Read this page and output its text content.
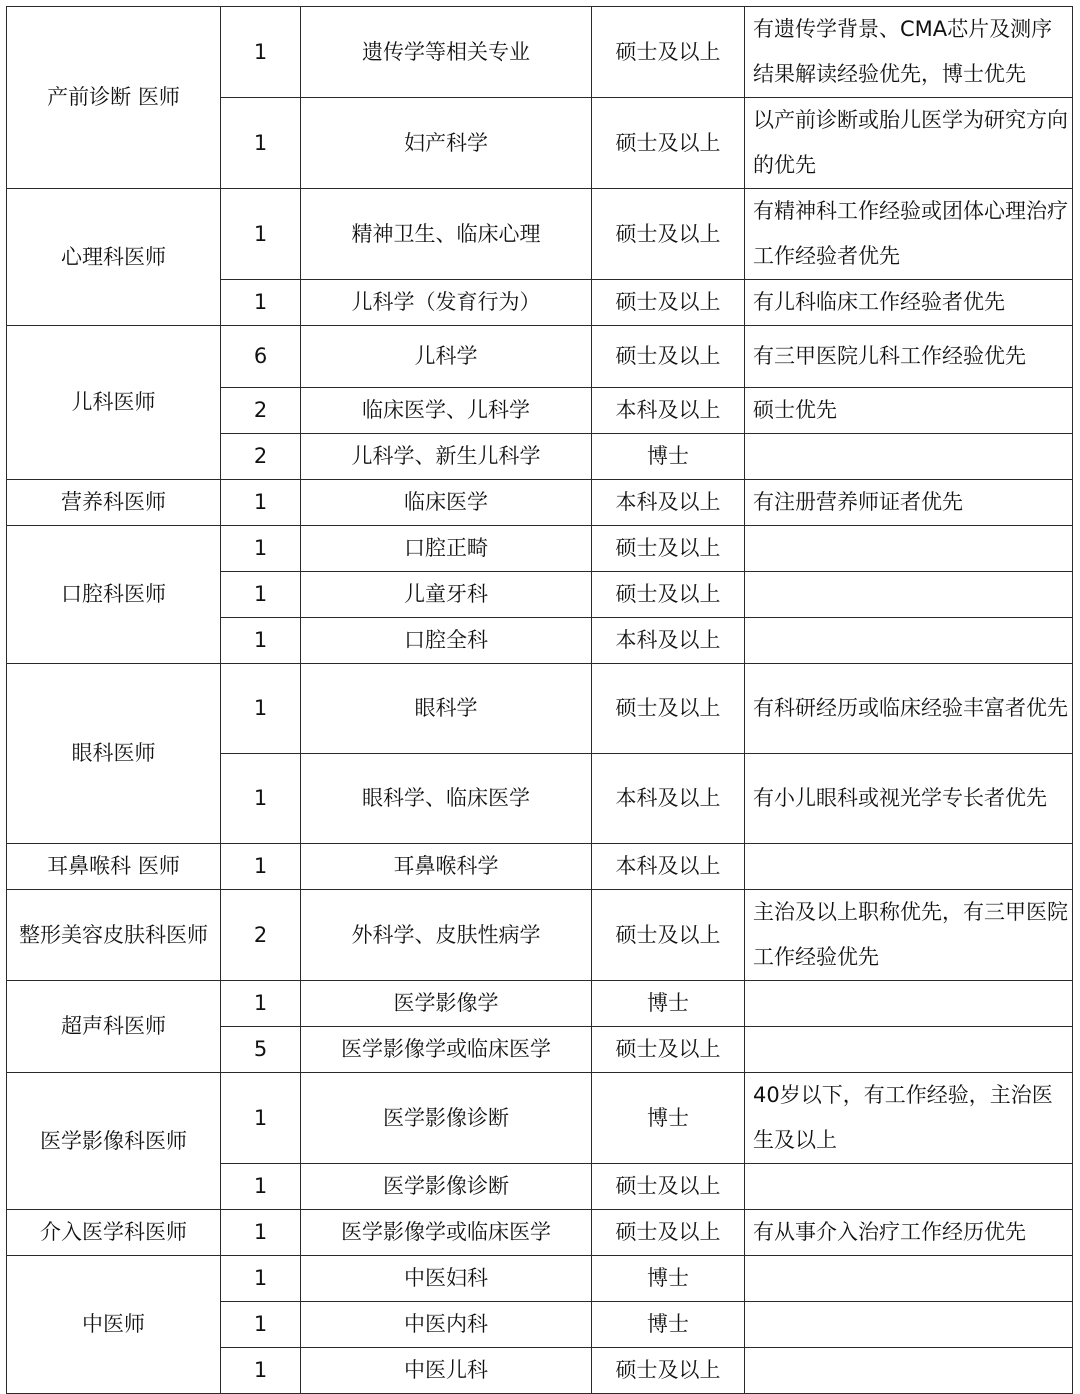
产前诊断 医师	1	遗传学等相关专业	硕士及以上	有遗传学背景、CMA芯片及测序结果解读经验优先，博士优先
	1	妇产科学	硕士及以上	以产前诊断或胎儿医学为研究方向的优先
心理科医师	1	精神卫生、临床心理	硕士及以上	有精神科工作经验或团体心理治疗工作经验者优先
	1	儿科学（发育行为）	硕士及以上	有儿科临床工作经验者优先
儿科医师	6	儿科学	硕士及以上	有三甲医院儿科工作经验优先
	2	临床医学、儿科学	本科及以上	硕士优先
	2	儿科学、新生儿科学	博士	
营养科医师	1	临床医学	本科及以上	有注册营养师证者优先
口腔科医师	1	口腔正畸	硕士及以上	
	1	儿童牙科	硕士及以上	
	1	口腔全科	本科及以上	
眼科医师	1	眼科学	硕士及以上	有科研经历或临床经验丰富者优先
	1	眼科学、临床医学	本科及以上	有小儿眼科或视光学专长者优先
耳鼻喉科 医师	1	耳鼻喉科学	本科及以上	
整形美容皮肤科医师	2	外科学、皮肤性病学	硕士及以上	主治及以上职称优先，有三甲医院工作经验优先
超声科医师	1	医学影像学	博士	
	5	医学影像学或临床医学	硕士及以上	
医学影像科医师	1	医学影像诊断	博士	40岁以下，有工作经验，主治医生及以上
	1	医学影像诊断	硕士及以上	
介入医学科医师	1	医学影像学或临床医学	硕士及以上	有从事介入治疗工作经历优先
中医师	1	中医妇科	博士	
	1	中医内科	博士	
	1	中医儿科	硕士及以上	
